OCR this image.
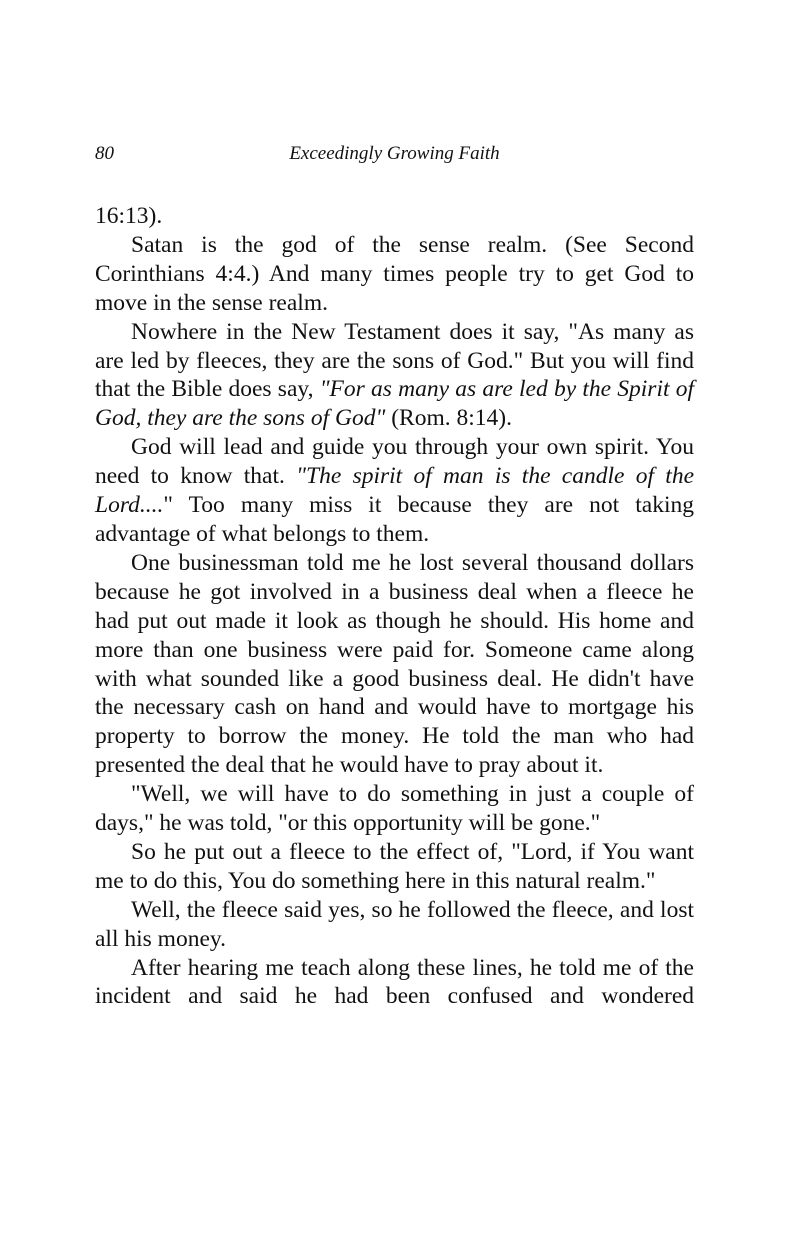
80	Exceedingly Growing Faith

16:13).

Satan is the god of the sense realm. (See Second Corinthians 4:4.) And many times people try to get God to move in the sense realm.

Nowhere in the New Testament does it say, "As many as are led by fleeces, they are the sons of God." But you will find that the Bible does say, "For as many as are led by the Spirit of God, they are the sons of God" (Rom. 8:14).

God will lead and guide you through your own spirit. You need to know that. "The spirit of man is the candle of the Lord...." Too many miss it because they are not taking advantage of what belongs to them.

One businessman told me he lost several thousand dollars because he got involved in a business deal when a fleece he had put out made it look as though he should. His home and more than one business were paid for. Someone came along with what sounded like a good business deal. He didn't have the necessary cash on hand and would have to mortgage his property to borrow the money. He told the man who had presented the deal that he would have to pray about it.

"Well, we will have to do something in just a couple of days," he was told, "or this opportunity will be gone."

So he put out a fleece to the effect of, "Lord, if You want me to do this, You do something here in this natural realm."

Well, the fleece said yes, so he followed the fleece, and lost all his money.

After hearing me teach along these lines, he told me of the incident and said he had been confused and wondered
